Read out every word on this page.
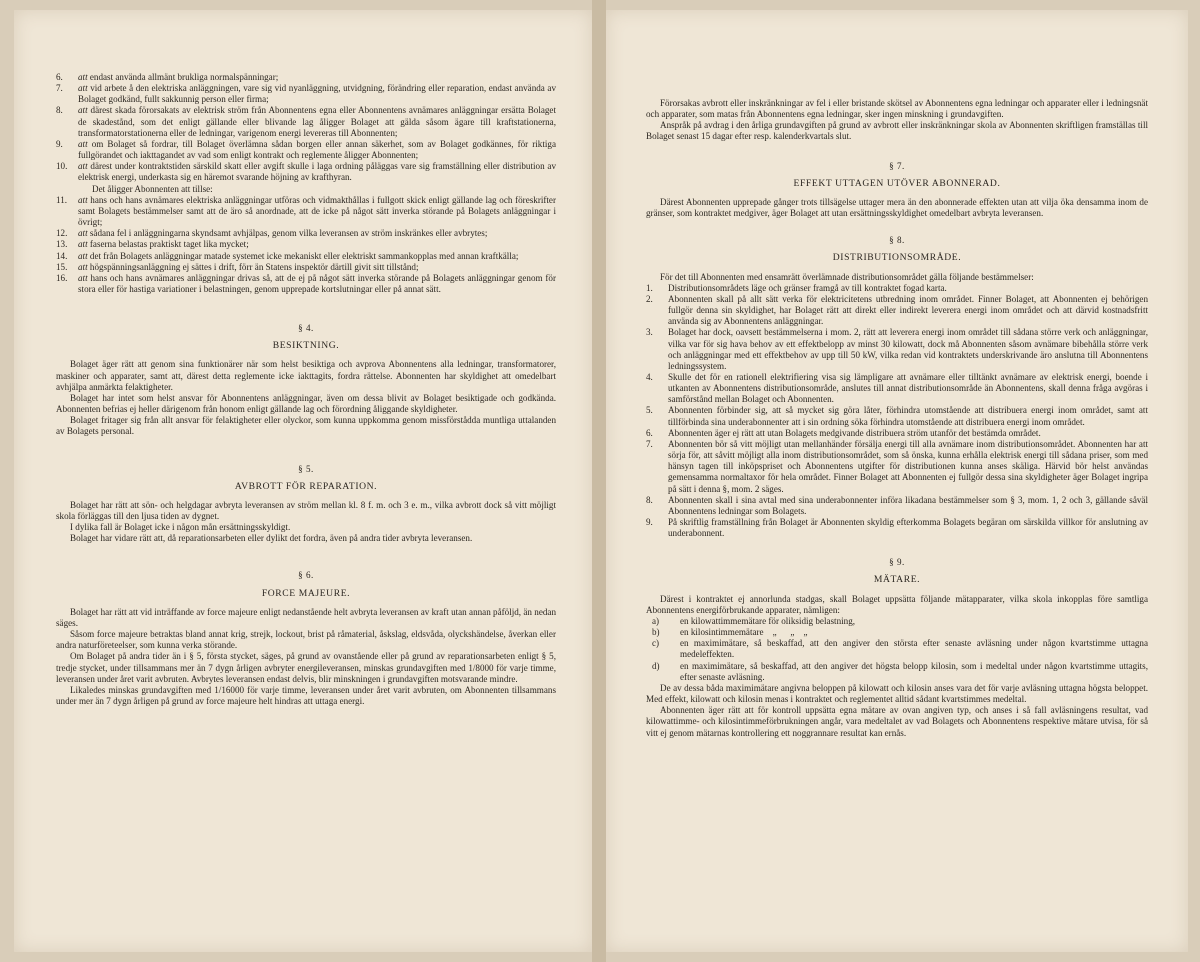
6.	att endast använda allmänt brukliga normalspänningar;
7.	att vid arbete å den elektriska anläggningen, vare sig vid nyanläggning, utvidgning, förändring eller reparation, endast använda av Bolaget godkänd, fullt sakkunnig person eller firma;
8.	att därest skada förorsakats av elektrisk ström från Abonnentens egna eller Abonnentens avnämares anläggningar ersätta Bolaget de skadestånd, som det enligt gällande eller blivande lag åligger Bolaget att gälda såsom ägare till kraftstationerna, transformatorstationerna eller de ledningar, varigenom energi levereras till Abonnenten;
9.	att om Bolaget så fordrar, till Bolaget överlämna sådan borgen eller annan säkerhet, som av Bolaget godkännes, för riktiga fullgörandet och iakttagandet av vad som enligt kontrakt och reglemente åligger Abonnenten;
10.	att därest under kontraktstiden särskild skatt eller avgift skulle i laga ordning påläggas vare sig framställning eller distribution av elektrisk energi, underkasta sig en häremot svarande höjning av krafthyran.

Det åligger Abonnenten att tillse:

11.	att hans och hans avnämares elektriska anläggningar utföras och vidmakthållas i fullgott skick enligt gällande lag och föreskrifter samt Bolagets bestämmelser samt att de äro så anordnade, att de icke på något sätt inverka störande på Bolagets anläggningar i övrigt;
12.	att sådana fel i anläggningarna skyndsamt avhjälpas, genom vilka leveransen av ström inskränkes eller avbrytes;
13.	att faserna belastas praktiskt taget lika mycket;
14.	att det från Bolagets anläggningar matade systemet icke mekaniskt eller elektriskt sammankopplas med annan kraftkälla;
15.	att högspänningsanläggning ej sättes i drift, förr än Statens inspektör därtill givit sitt tillstånd;
16.	att hans och hans avnämares anläggningar drivas så, att de ej på något sätt inverka störande på Bolagets anläggningar genom för stora eller för hastiga variationer i belastningen, genom upprepade kortslutningar eller på annat sätt.
§ 4.
BESIKTNING.

Bolaget äger rätt att genom sina funktionärer när som helst besiktiga och avprova Abonnentens alla ledningar, transformatorer, maskiner och apparater, samt att, därest detta reglemente icke iakttagits, fordra rättelse. Abonnenten har skyldighet att omedelbart avhjälpa anmärkta felaktigheter.

Bolaget har intet som helst ansvar för Abonnentens anläggningar, även om dessa blivit av Bolaget besiktigade och godkända. Abonnenten befrias ej heller därigenom från honom enligt gällande lag och förordning åliggande skyldigheter.

Bolaget fritager sig från allt ansvar för felaktigheter eller olyckor, som kunna uppkomma genom missförstådda muntliga uttalanden av Bolagets personal.

§ 5.
AVBROTT FÖR REPARATION.

Bolaget har rätt att sön- och helgdagar avbryta leveransen av ström mellan kl. 8 f. m. och 3 e. m., vilka avbrott dock så vitt möjligt skola förläggas till den ljusa tiden av dygnet.

I dylika fall är Bolaget icke i någon mån ersättningsskyldigt.

Bolaget har vidare rätt att, då reparationsarbeten eller dylikt det fordra, även på andra tider avbryta leveransen.

§ 6.
FORCE MAJEURE.

Bolaget har rätt att vid inträffande av force majeure enligt nedanstående helt avbryta leveransen av kraft utan annan påföljd, än nedan säges.

Såsom force majeure betraktas bland annat krig, strejk, lockout, brist på råmaterial, åskslag, eldsvåda, olyckshändelse, åverkan eller andra naturföreteelser, som kunna verka störande.

Om Bolaget på andra tider än i § 5, första stycket, säges, på grund av ovanstående eller på grund av reparationsarbeten enligt § 5, tredje stycket, under tillsammans mer än 7 dygn årligen avbryter energileveransen, minskas grundavgiften med 1/8000 för varje timme, leveransen under året varit avbruten. Avbrytes leveransen endast delvis, blir minskningen i grundavgiften motsvarande mindre.

Likaledes minskas grundavgiften med 1/16000 för varje timme, leveransen under året varit avbruten, om Abonnenten tillsammans under mer än 7 dygn årligen på grund av force majeure helt hindras att uttaga energi.

Förorsakas avbrott eller inskränkningar av fel i eller bristande skötsel av Abonnentens egna ledningar och apparater eller i ledningsnät och apparater, som matas från Abonnentens egna ledningar, sker ingen minskning i grundavgiften.

Anspråk på avdrag i den årliga grundavgiften på grund av avbrott eller inskränkningar skola av Abonnenten skriftligen framställas till Bolaget senast 15 dagar efter resp. kalenderkvartals slut.

§ 7.
EFFEKT UTTAGEN UTÖVER ABONNERAD.

Därest Abonnenten upprepade gånger trots tillsägelse uttager mera än den abonnerade effekten utan att vilja öka densamma inom de gränser, som kontraktet medgiver, äger Bolaget att utan ersättningsskyldighet omedelbart avbryta leveransen.

§ 8.
DISTRIBUTIONSOMRÅDE.

För det till Abonnenten med ensamrätt överlämnade distributionsområdet gälla följande bestämmelser:

1.	Distributionsområdets läge och gränser framgå av till kontraktet fogad karta.
2.	Abonnenten skall på allt sätt verka för elektricitetens utbredning inom området. Finner Bolaget, att Abonnenten ej behörigen fullgör denna sin skyldighet, har Bolaget rätt att direkt eller indirekt leverera energi inom området och att därvid kostnadsfritt använda sig av Abonnentens anläggningar.
3.	Bolaget har dock, oavsett bestämmelserna i mom. 2, rätt att leverera energi inom området till sådana större verk och anläggningar, vilka var för sig hava behov av ett effektbelopp av minst 30 kilowatt, dock må Abonnenten såsom avnämare bibehålla större verk och anläggningar med ett effektbehov av upp till 50 kW, vilka redan vid kontraktets underskrivande äro anslutna till Abonnentens ledningssystem.
4.	Skulle det för en rationell elektrifiering visa sig lämpligare att avnämare eller tilltänkt avnämare av elektrisk energi, boende i utkanten av Abonnentens distributionsområde, anslutes till annat distributionsområde än Abonnentens, skall denna fråga avgöras i samförstånd mellan Bolaget och Abonnenten.
5.	Abonnenten förbinder sig, att så mycket sig göra låter, förhindra utomstående att distribuera energi inom området, samt att tillförbinda sina underabonnenter att i sin ordning söka förhindra utomstående att distribuera energi inom området.
6.	Abonnenten äger ej rätt att utan Bolagets medgivande distribuera ström utanför det bestämda området.
7.	Abonnenten bör så vitt möjligt utan mellanhänder försälja energi till alla avnämare inom distributionsområdet. Abonnenten har att sörja för, att såvitt möjligt alla inom distributionsområdet, som så önska, kunna erhålla elektrisk energi till sådana priser, som med hänsyn tagen till inköpspriset och Abonnentens utgifter för distributionen kunna anses skäliga. Härvid bör helst användas gemensamma normaltaxor för hela området. Finner Bolaget att Abonnenten ej fullgör dessa sina skyldigheter äger Bolaget ingripa på sätt i denna §, mom. 2 säges.
8.	Abonnenten skall i sina avtal med sina underabonnenter införa likadana bestämmelser som § 3, mom. 1, 2 och 3, gällande såväl Abonnentens ledningar som Bolagets.
9.	På skriftlig framställning från Bolaget är Abonnenten skyldig efterkomma Bolagets begäran om särskilda villkor för anslutning av underabonnent.
§ 9.
MÄTARE.

Därest i kontraktet ej annorlunda stadgas, skall Bolaget uppsätta följande mätapparater, vilka skola inkopplas före samtliga Abonnentens energiförbrukande apparater, nämligen:

a)	en kilowattimmemätare för oliksidig belastning,
b)	en kilosintimmemätare    „      „    „
c)	en maximimätare, så beskaffad, att den angiver den största efter senaste avläsning under någon kvartstimme uttagna medeleffekten.
d)	en maximimätare, så beskaffad, att den angiver det högsta belopp kilosin, som i medeltal under någon kvartstimme uttagits, efter senaste avläsning.

De av dessa båda maximimätare angivna beloppen på kilowatt och kilosin anses vara det för varje avläsning uttagna högsta beloppet. Med effekt, kilowatt och kilosin menas i kontraktet och reglementet alltid sådant kvartstimmes medeltal.

Abonnenten äger rätt att för kontroll uppsätta egna mätare av ovan angiven typ, och anses i så fall avläsningens resultat, vad kilowattimme- och kilosintimmeförbrukningen angår, vara medeltalet av vad Bolagets och Abonnentens respektive mätare utvisa, för så vitt ej genom mätarnas kontrollering ett noggrannare resultat kan ernås.
